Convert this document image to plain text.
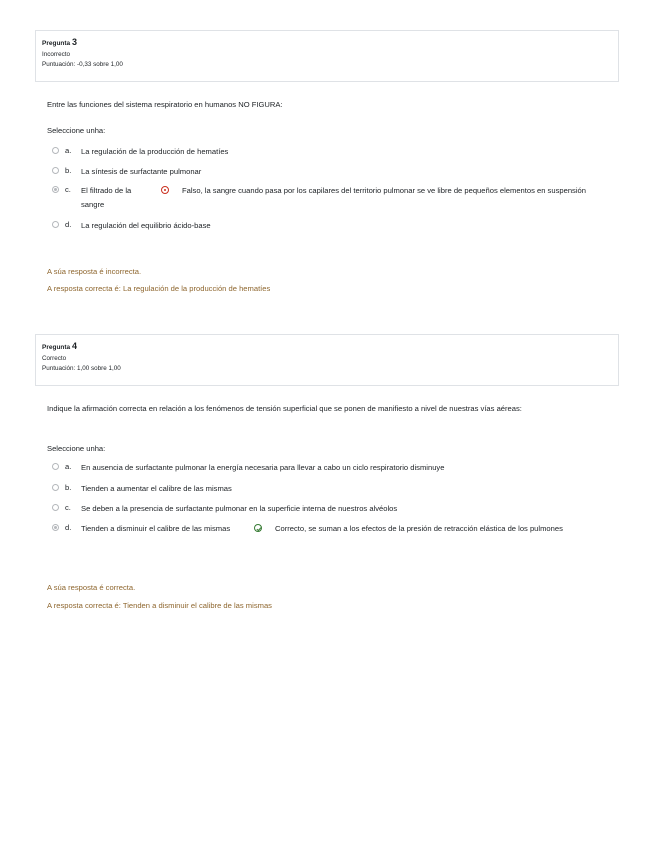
Pregunta 3
Incorrecto
Puntuación: -0,33 sobre 1,00
Entre las funciones del sistema respiratorio en humanos NO FIGURA:
Seleccione unha:
a. La regulación de la producción de hematíes
b. La síntesis de surfactante pulmonar
c. El filtrado de la sangre
Falso, la sangre cuando pasa por los capilares del territorio pulmonar se ve libre de pequeños elementos en suspensión
d. La regulación del equilibrio ácido-base
A súa resposta é incorrecta.
A resposta correcta é: La regulación de la producción de hematíes
Pregunta 4
Correcto
Puntuación: 1,00 sobre 1,00
Indique la afirmación correcta en relación a los fenómenos de tensión superficial que se ponen de manifiesto a nivel de nuestras vías aéreas:
Seleccione unha:
a. En ausencia de surfactante pulmonar la energía necesaria para llevar a cabo un ciclo respiratorio disminuye
b. Tienden a aumentar el calibre de las mismas
c. Se deben a la presencia de surfactante pulmonar en la superficie interna de nuestros alvéolos
d. Tienden a disminuir el calibre de las mismas	Correcto, se suman a los efectos de la presión de retracción elástica de los pulmones
A súa resposta é correcta.
A resposta correcta é: Tienden a disminuir el calibre de las mismas
